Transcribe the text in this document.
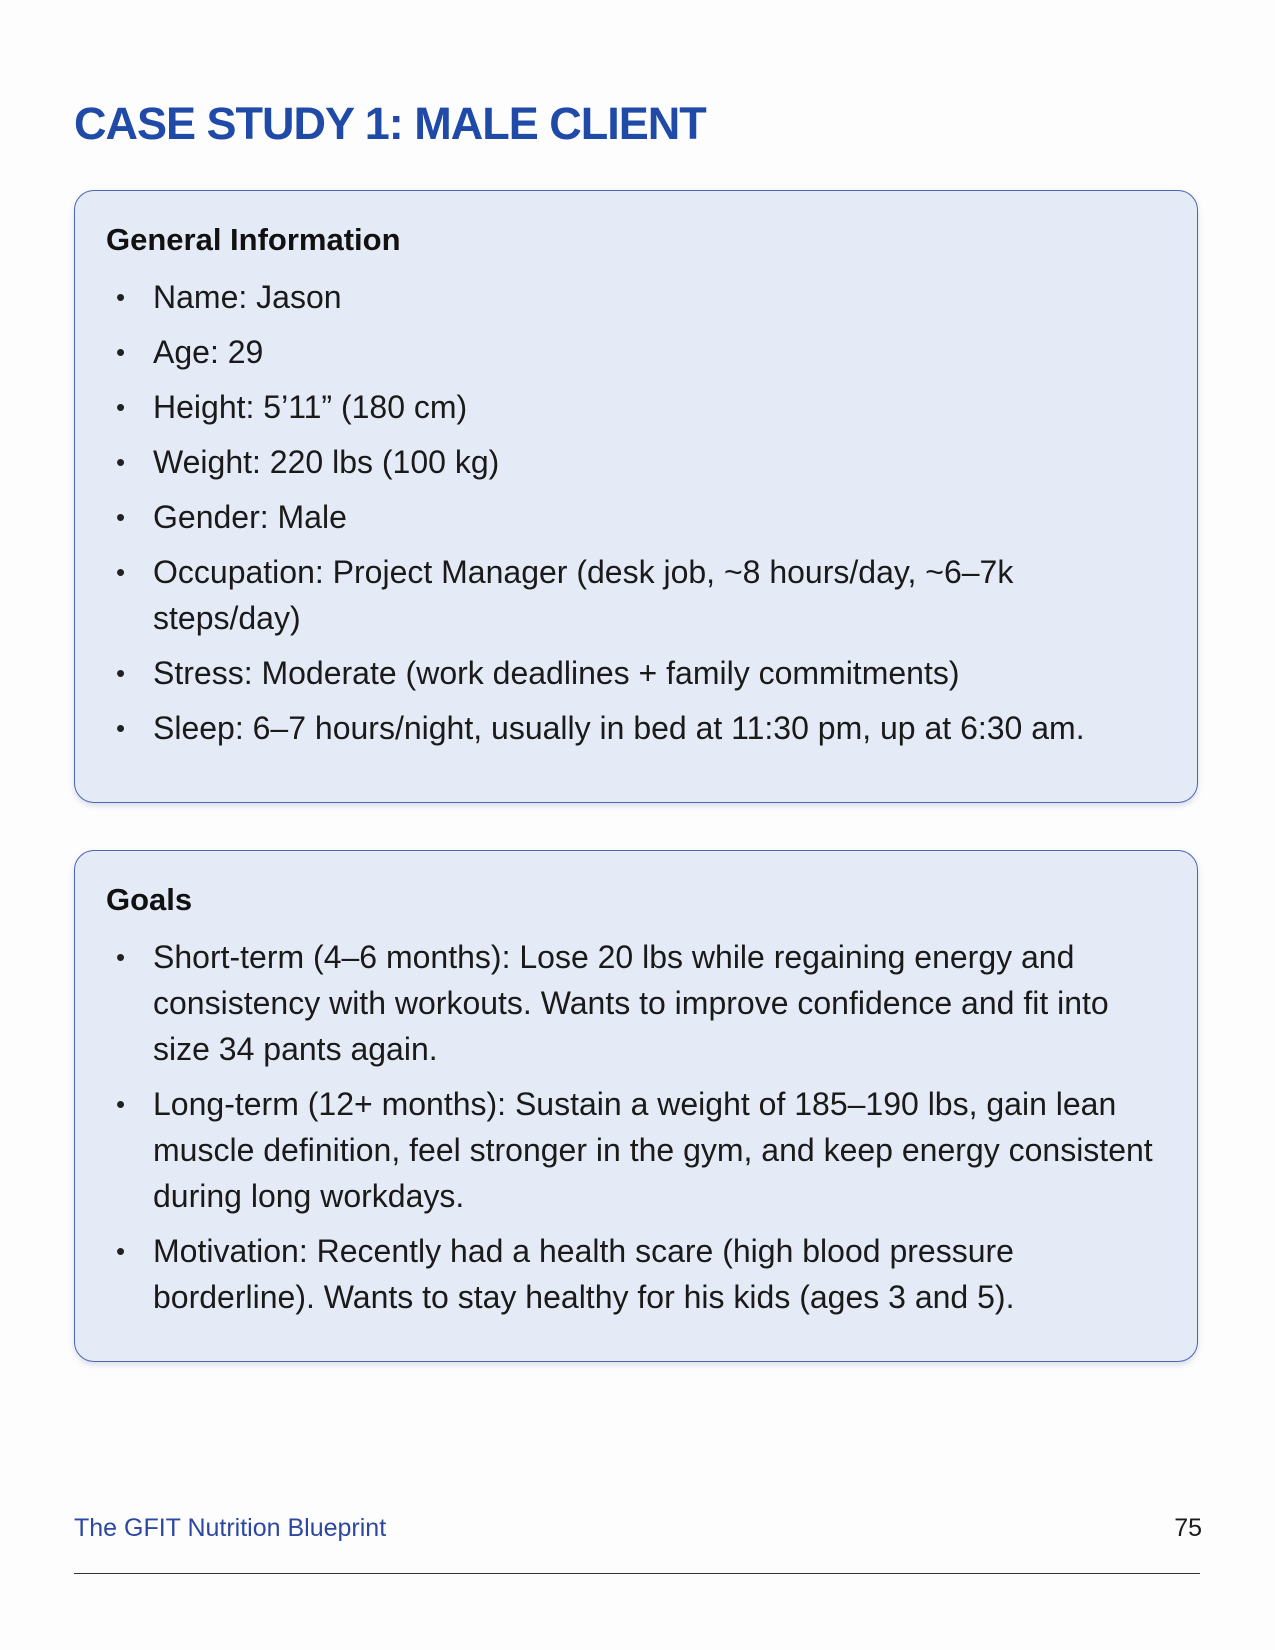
CASE STUDY 1: MALE CLIENT
General Information
• Name: Jason
• Age: 29
• Height: 5’11” (180 cm)
• Weight: 220 lbs (100 kg)
• Gender: Male
• Occupation: Project Manager (desk job, ~8 hours/day, ~6–7k steps/day)
• Stress: Moderate (work deadlines + family commitments)
• Sleep: 6–7 hours/night, usually in bed at 11:30 pm, up at 6:30 am.
Goals
• Short-term (4–6 months): Lose 20 lbs while regaining energy and consistency with workouts. Wants to improve confidence and fit into size 34 pants again.
• Long-term (12+ months): Sustain a weight of 185–190 lbs, gain lean muscle definition, feel stronger in the gym, and keep energy consistent during long workdays.
• Motivation: Recently had a health scare (high blood pressure borderline). Wants to stay healthy for his kids (ages 3 and 5).
The GFIT Nutrition Blueprint	75
